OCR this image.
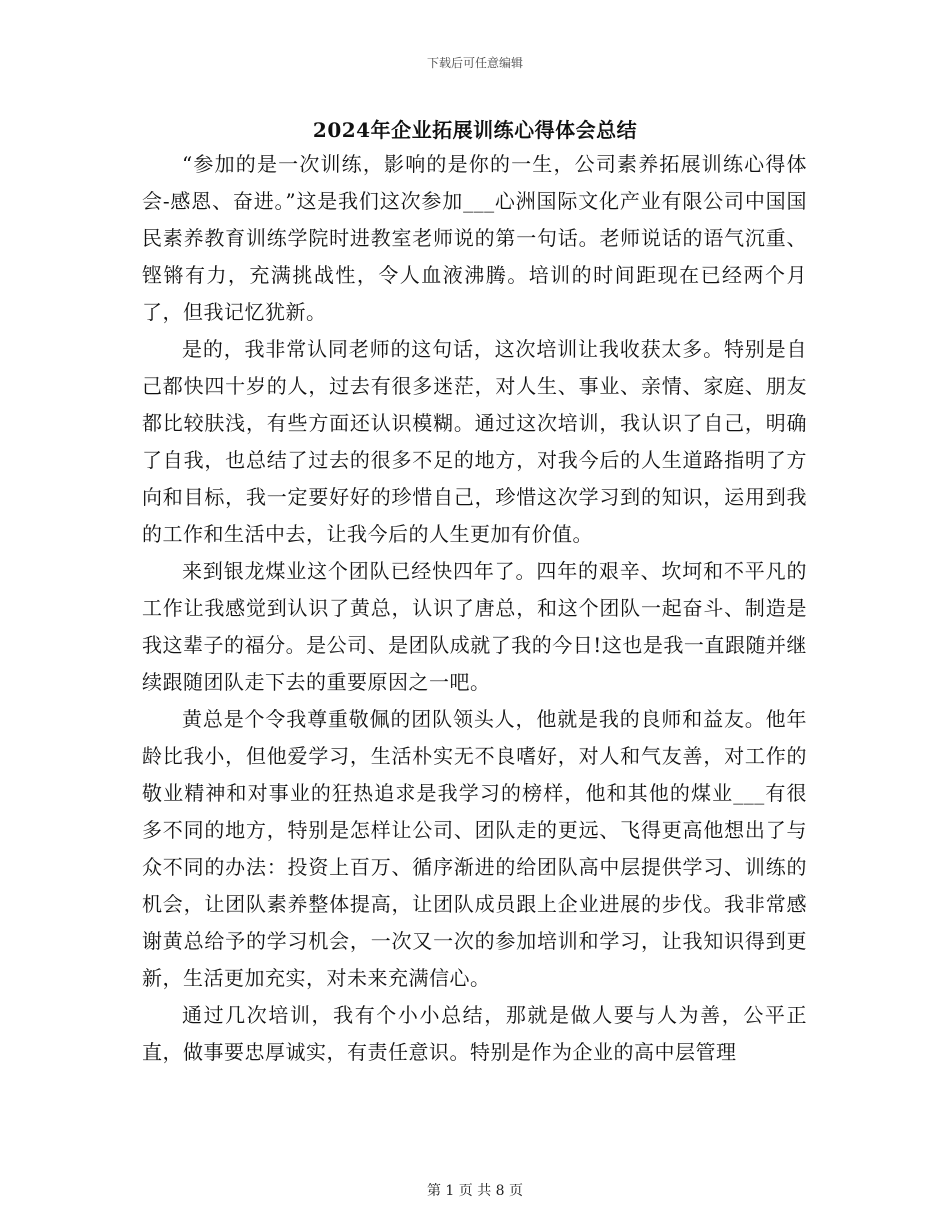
下载后可任意编辑
2024年企业拓展训练心得体会总结

“参加的是一次训练，影响的是你的一生，公司素养拓展训练心得体会-感恩、奋进。”这是我们这次参加___心洲国际文化产业有限公司中国国民素养教育训练学院时进教室老师说的第一句话。老师说话的语气沉重、铿锵有力，充满挑战性，令人血液沸腾。培训的时间距现在已经两个月了，但我记忆犹新。

是的，我非常认同老师的这句话，这次培训让我收获太多。特别是自己都快四十岁的人，过去有很多迷茫，对人生、事业、亲情、家庭、朋友都比较肤浅，有些方面还认识模糊。通过这次培训，我认识了自己，明确了自我，也总结了过去的很多不足的地方，对我今后的人生道路指明了方向和目标，我一定要好好的珍惜自己，珍惜这次学习到的知识，运用到我的工作和生活中去，让我今后的人生更加有价值。

来到银龙煤业这个团队已经快四年了。四年的艰辛、坎坷和不平凡的工作让我感觉到认识了黄总，认识了唐总，和这个团队一起奋斗、制造是我这辈子的福分。是公司、是团队成就了我的今日!这也是我一直跟随并继续跟随团队走下去的重要原因之一吧。

黄总是个令我尊重敬佩的团队领头人，他就是我的良师和益友。他年龄比我小，但他爱学习，生活朴实无不良嗜好，对人和气友善，对工作的敬业精神和对事业的狂热追求是我学习的榜样，他和其他的煤业___有很多不同的地方，特别是怎样让公司、团队走的更远、飞得更高他想出了与众不同的办法：投资上百万、循序渐进的给团队高中层提供学习、训练的机会，让团队素养整体提高，让团队成员跟上企业进展的步伐。我非常感谢黄总给予的学习机会，一次又一次的参加培训和学习，让我知识得到更新，生活更加充实，对未来充满信心。

通过几次培训，我有个小小总结，那就是做人要与人为善，公平正直，做事要忠厚诚实，有责任意识。特别是作为企业的高中层管理

第 1 页 共 8 页
